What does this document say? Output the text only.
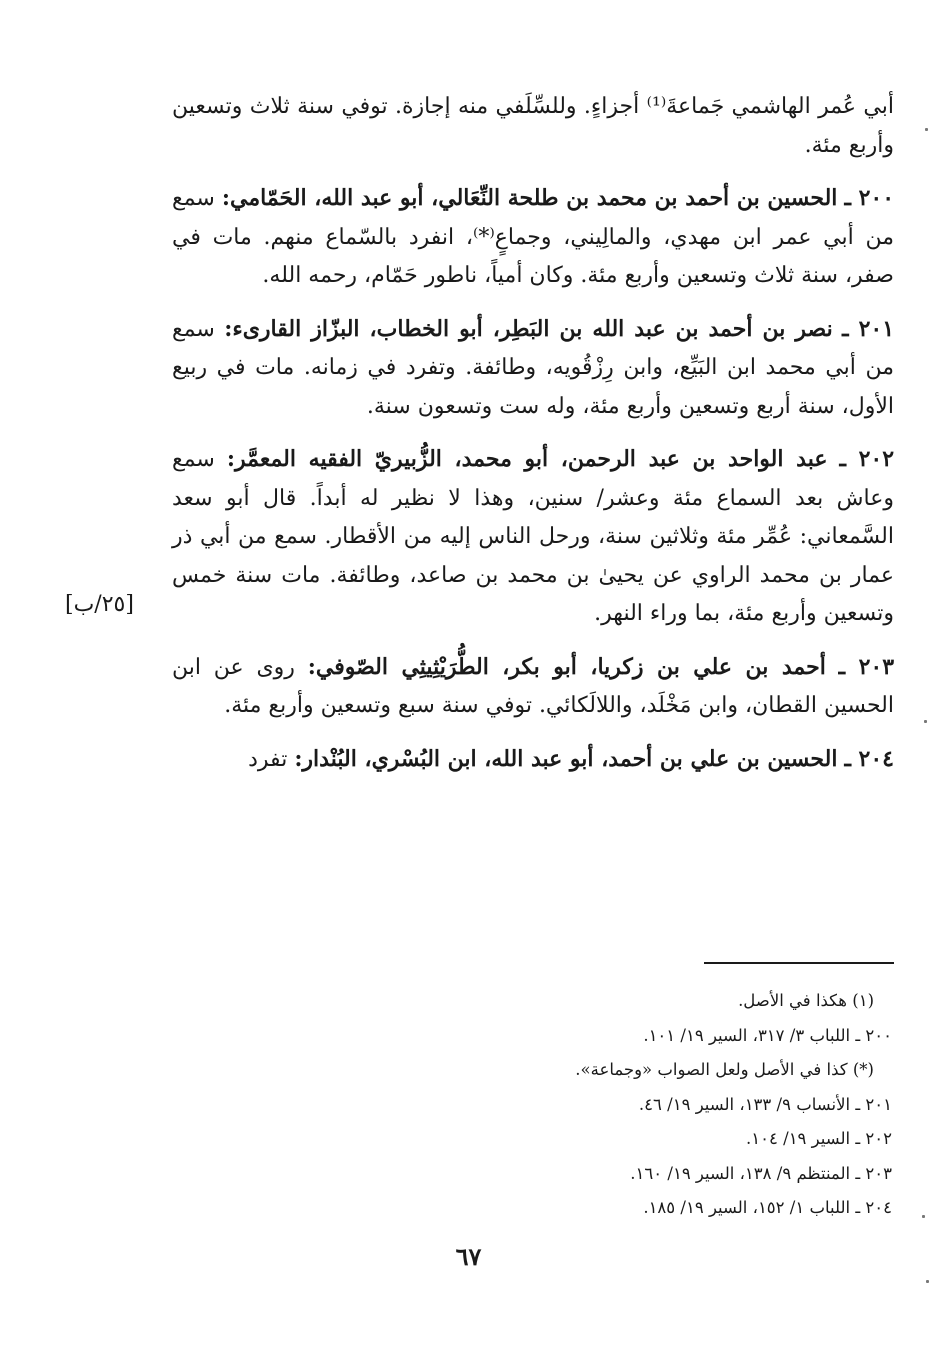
أبي عُمر الهاشمي جَماعةَ⁽¹⁾ أجزاءٍ. وللسِّلَفي منه إجازة. توفي سنة ثلاث وتسعين وأربع مئة.

٢٠٠ ـ الحسين بن أحمد بن محمد بن طلحة النِّعَالي، أبو عبد الله، الحَمّامي: سمع من أبي عمر ابن مهدي، والمالِيني، وجماعٍ⁽*⁾، انفرد بالسّماع منهم. مات في صفر، سنة ثلاث وتسعين وأربع مئة. وكان أمياً، ناطور حَمّام، رحمه الله.

٢٠١ ـ نصر بن أحمد بن عبد الله بن البَطِر، أبو الخطاب، البزّاز القارىء: سمع من أبي محمد ابن البَيِّع، وابن رِزْقُويه، وطائفة. وتفرد في زمانه. مات في ربيع الأول، سنة أربع وتسعين وأربع مئة، وله ست وتسعون سنة.

٢٠٢ ـ عبد الواحد بن عبد الرحمن، أبو محمد، الزُّبيريّ الفقيه المعمَّر: سمع وعاش بعد السماع مئة وعشر/ سنين، وهذا لا نظير له أبداً. قال أبو سعد السَّمعاني: عُمِّر مئة وثلاثين سنة، ورحل الناس إليه من الأقطار. سمع من أبي ذر عمار بن محمد الراوي عن يحيىٰ بن محمد بن صاعد، وطائفة. مات سنة خمس وتسعين وأربع مئة، بما وراء النهر.

٢٠٣ ـ أحمد بن علي بن زكريا، أبو بكر، الطُّرَيْثِيثِي الصّوفي: روى عن ابن الحسين القطان، وابن مَخْلَد، واللالَكائي. توفي سنة سبع وتسعين وأربع مئة.

٢٠٤ ـ الحسين بن علي بن أحمد، أبو عبد الله، ابن البُسْري، البُنْدار: تفرد

[٢٥/ب]
(١) هكذا في الأصل.
٢٠٠ ـ اللباب ٣/ ٣١٧، السير ١٩/ ١٠١.
(*) كذا في الأصل ولعل الصواب «وجماعة».
٢٠١ ـ الأنساب ٩/ ١٣٣، السير ١٩/ ٤٦.
٢٠٢ ـ السير ١٩/ ١٠٤.
٢٠٣ ـ المنتظم ٩/ ١٣٨، السير ١٩/ ١٦٠.
٢٠٤ ـ اللباب ١/ ١٥٢، السير ١٩/ ١٨٥.
٦٧
